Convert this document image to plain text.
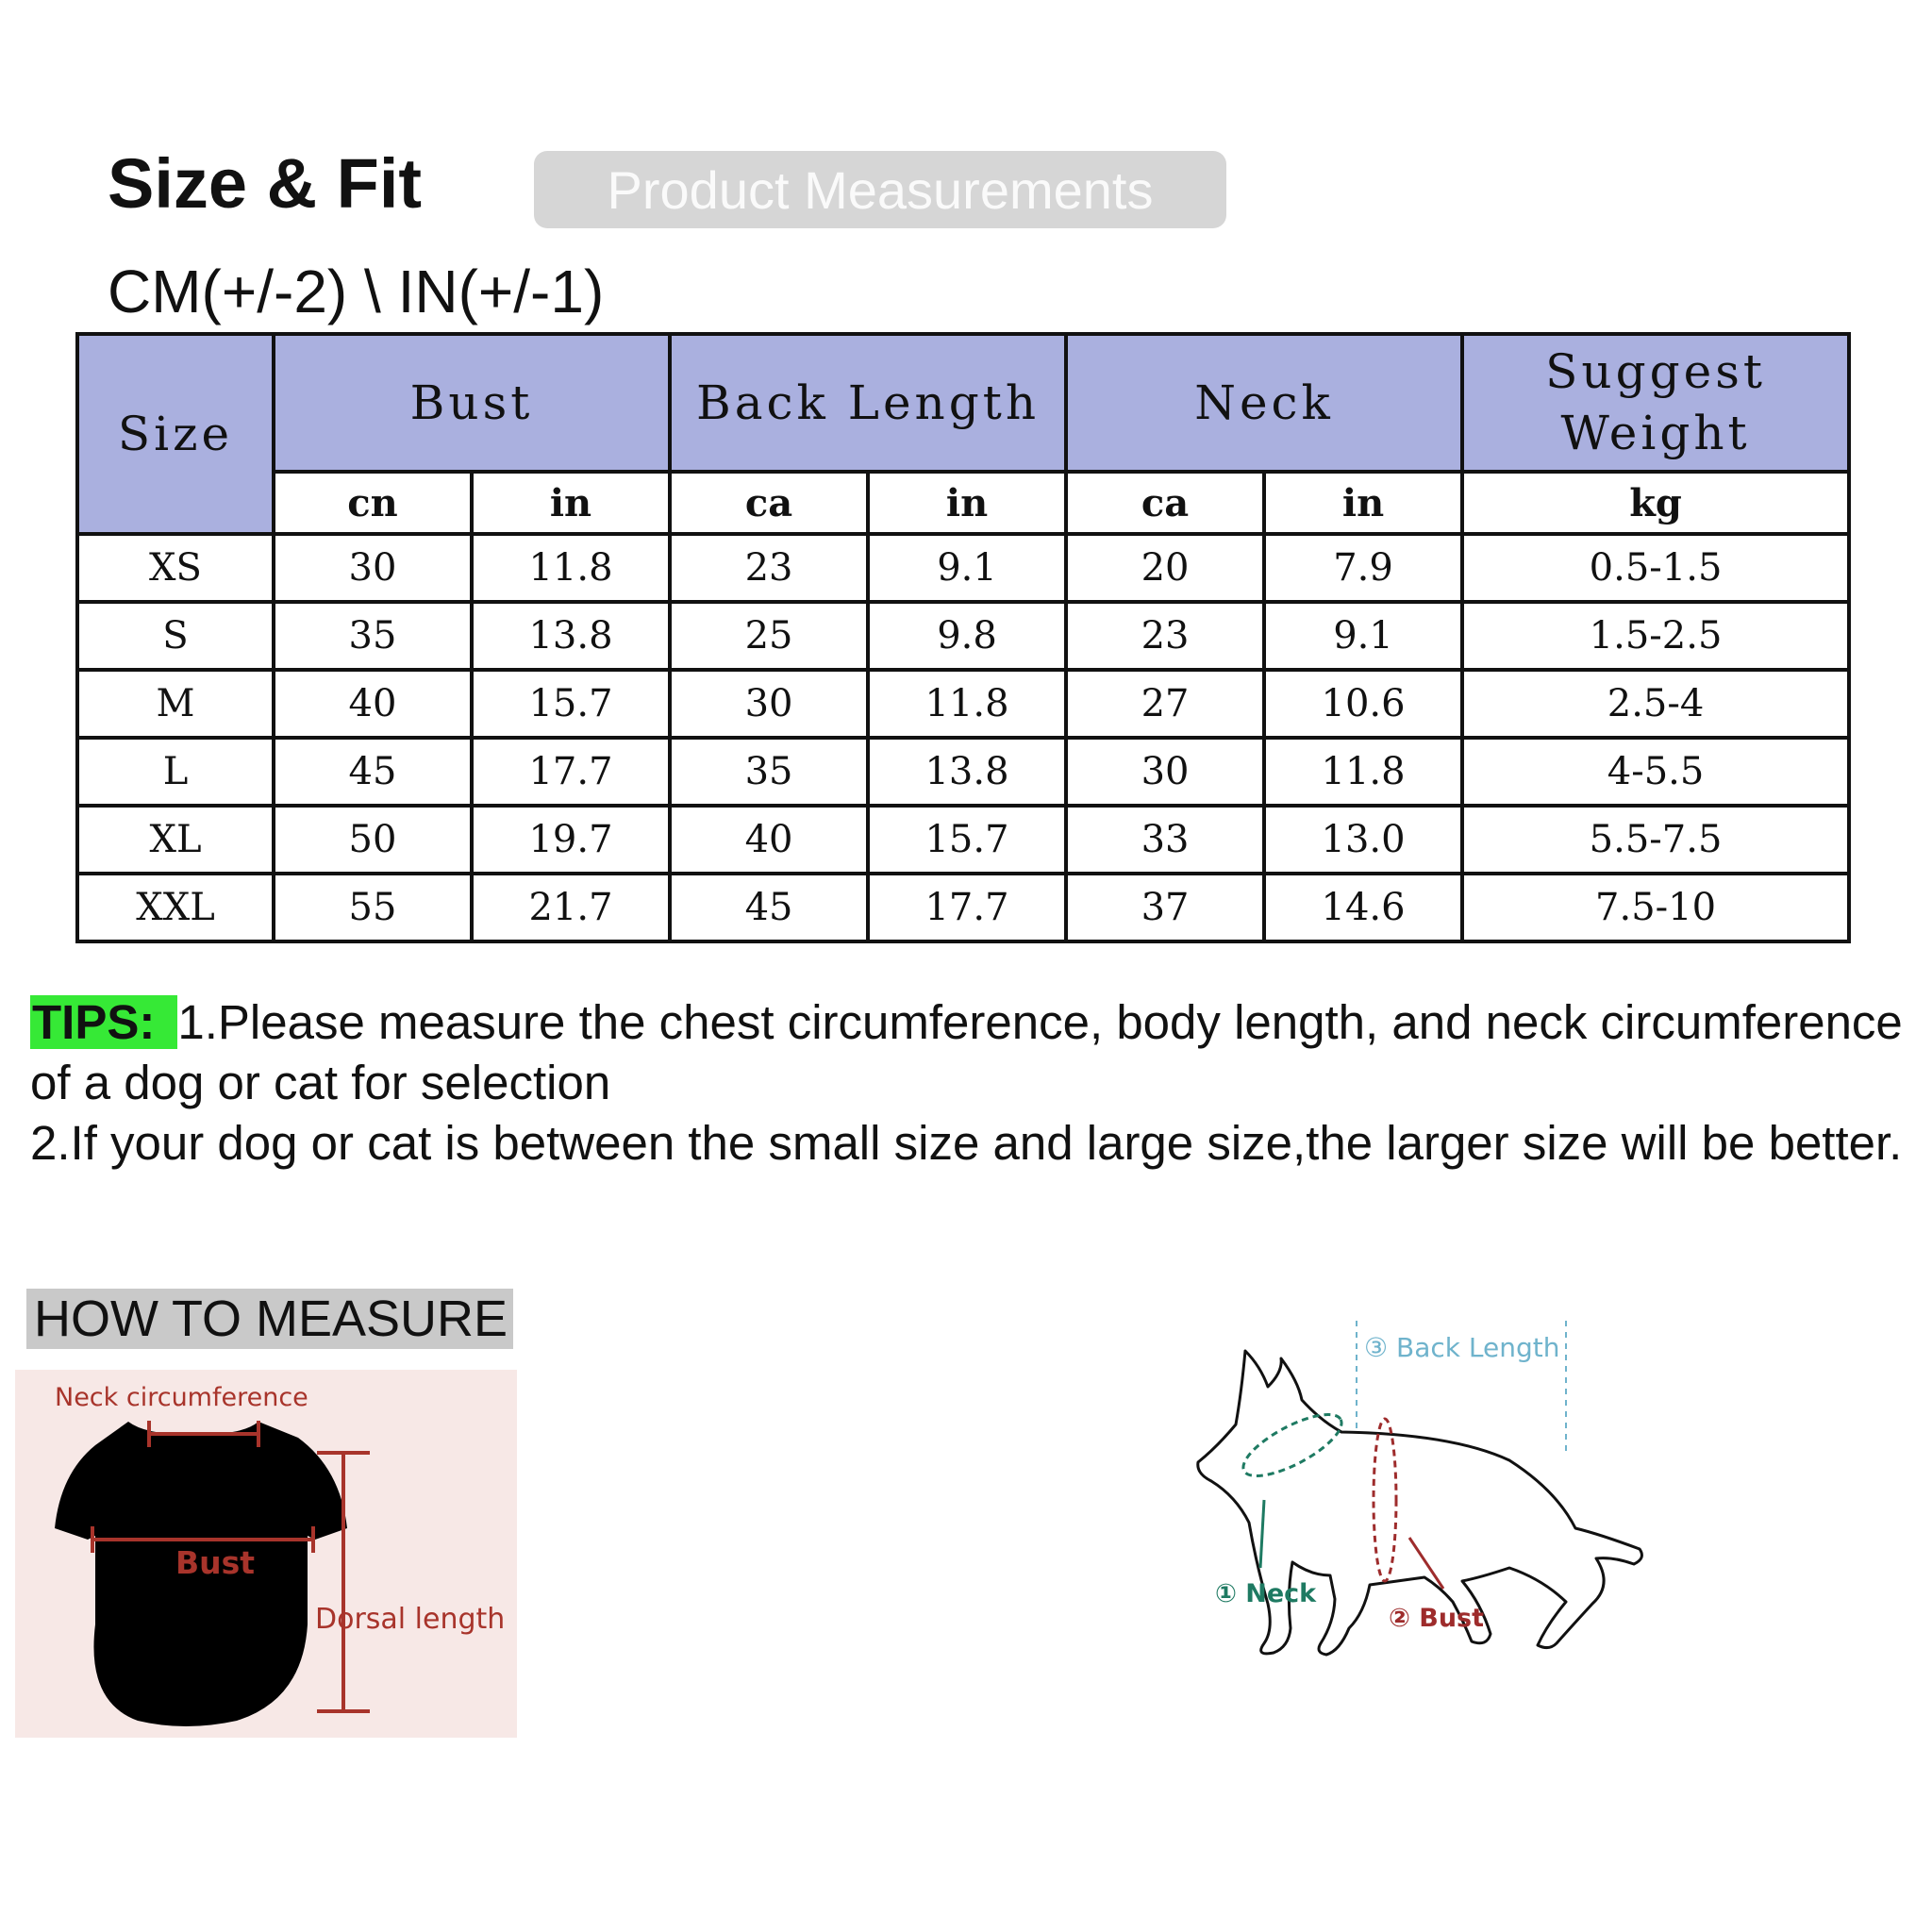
Size & Fit	Product Measurements
CM(+/-2) \ IN(+/-1)
Size	Bust		Back Length		Neck		Suggest Weight
	cn	in	ca	in	ca	in	kg
XS	30	11.8	23	9.1	20	7.9	0.5-1.5
S	35	13.8	25	9.8	23	9.1	1.5-2.5
M	40	15.7	30	11.8	27	10.6	2.5-4
L	45	17.7	35	13.8	30	11.8	4-5.5
XL	50	19.7	40	15.7	33	13.0	5.5-7.5
XXL	55	21.7	45	17.7	37	14.6	7.5-10
TIPS: 1.Please measure the chest circumference, body length, and neck circumference of a dog or cat for selection
2.If your dog or cat is between the small size and large size,the larger size will be better.
HOW TO MEASURE
Neck circumference
Bust
Dorsal length
③ Back Length
① Neck
② Bust
